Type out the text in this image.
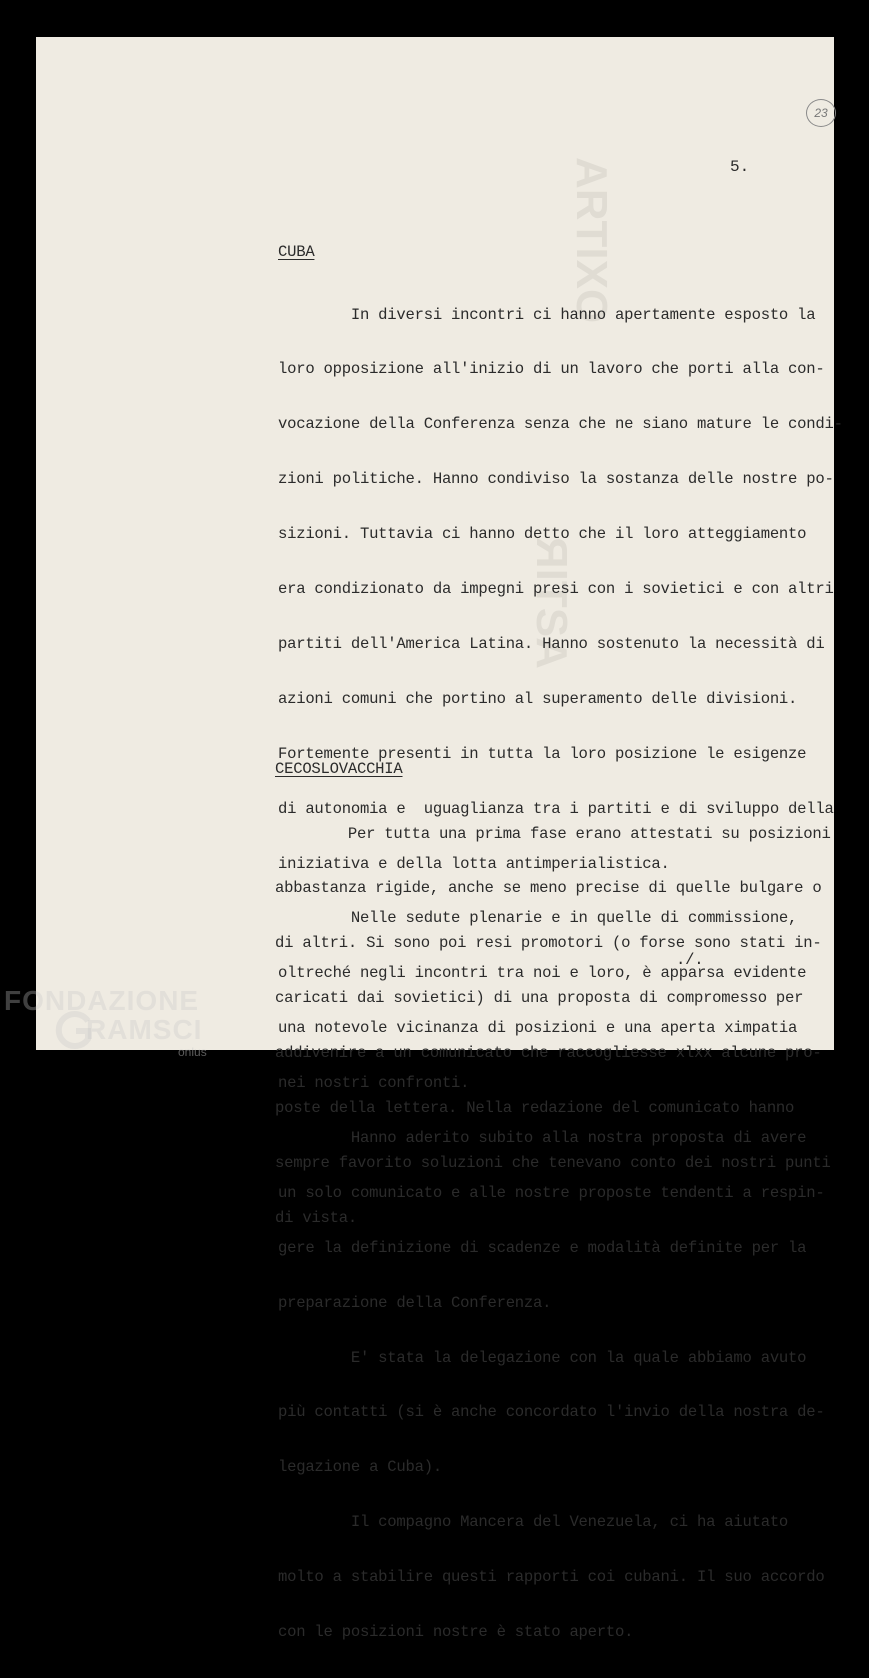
ARTIXO
ЯITSA
23
5.
CUBA

In diversi incontri ci hanno apertamente esposto la

loro opposizione all'inizio di un lavoro che porti alla con-

vocazione della Conferenza senza che ne siano mature le condi-

zioni politiche. Hanno condiviso la sostanza delle nostre po-

sizioni. Tuttavia ci hanno detto che il loro atteggiamento

era condizionato da impegni presi con i sovietici e con altri

partiti dell'America Latina. Hanno sostenuto la necessità di

azioni comuni che portino al superamento delle divisioni.

Fortemente presenti in tutta la loro posizione le esigenze

di autonomia e  uguaglianza tra i partiti e di sviluppo della

iniziativa e della lotta antimperialistica.

Nelle sedute plenarie e in quelle di commissione,

oltreché negli incontri tra noi e loro, è apparsa evidente

una notevole vicinanza di posizioni e una aperta ximpatia

nei nostri confronti.

Hanno aderito subito alla nostra proposta di avere

un solo comunicato e alle nostre proposte tendenti a respin-

gere la definizione di scadenze e modalità definite per la

preparazione della Conferenza.

E' stata la delegazione con la quale abbiamo avuto

più contatti (si è anche concordato l'invio della nostra de-

legazione a Cuba).

Il compagno Mancera del Venezuela, ci ha aiutato

molto a stabilire questi rapporti coi cubani. Il suo accordo

con le posizioni nostre è stato aperto.

CECOSLOVACCHIA

Per tutta una prima fase erano attestati su posizioni

abbastanza rigide, anche se meno precise di quelle bulgare o

di altri. Si sono poi resi promotori (o forse sono stati in-

caricati dai sovietici) di una proposta di compromesso per

addivenire a un comunicato che raccogliesse xlxx alcune pro-

poste della lettera. Nella redazione del comunicato hanno

sempre favorito soluzioni che tenevano conto dei nostri punti

di vista.

./.
FONDAZIONE
RAMSCI
onlus
